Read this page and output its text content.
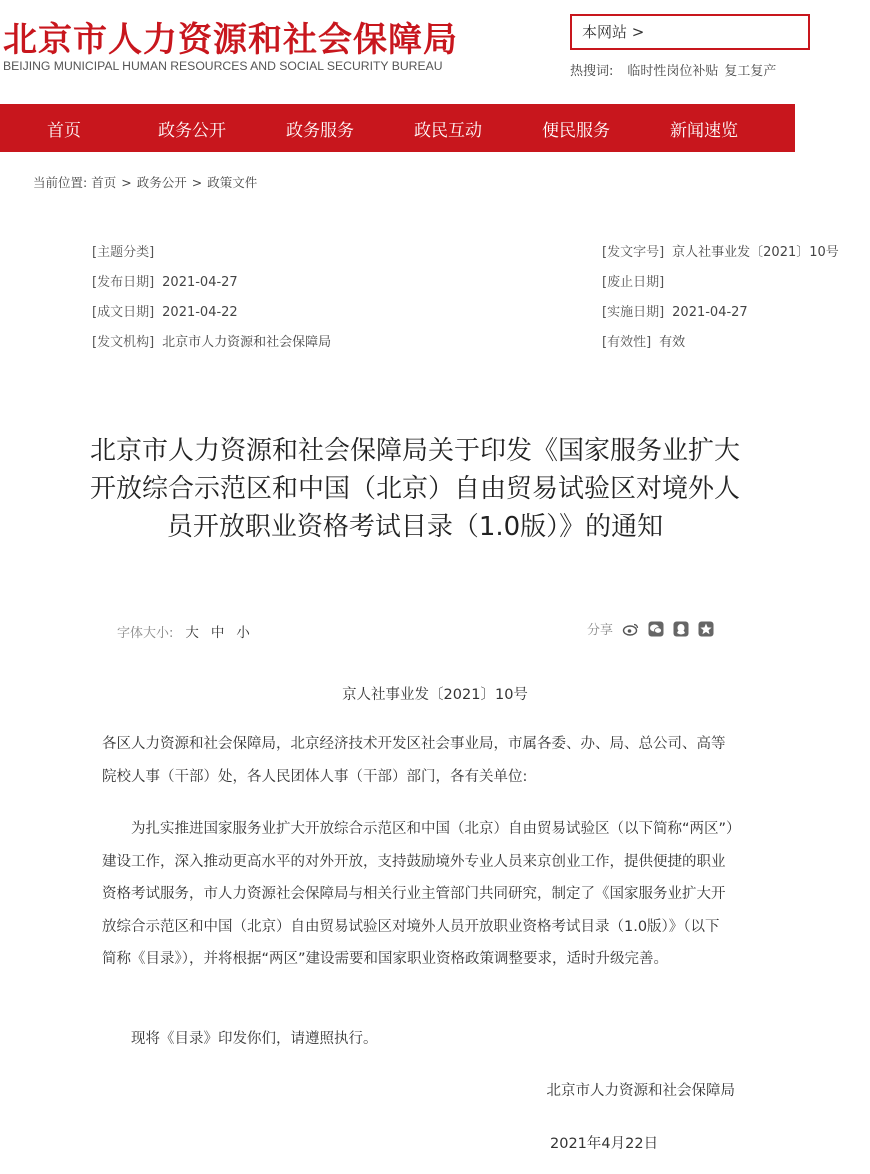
北京市人力资源和社会保障局
BEIJING MUNICIPAL HUMAN RESOURCES AND SOCIAL SECURITY BUREAU
本网站 >
热搜词: 临时性岗位补贴 复工复产
首页	政务公开	政务服务	政民互动	便民服务	新闻速览
当前位置: 首页 > 政务公开 > 政策文件
[主题分类]
[发布日期] 2021-04-27
[成文日期] 2021-04-22
[发文机构] 北京市人力资源和社会保障局
[发文字号] 京人社事业发〔2021〕10号
[废止日期]
[实施日期] 2021-04-27
[有效性] 有效
北京市人力资源和社会保障局关于印发《国家服务业扩大开放综合示范区和中国（北京）自由贸易试验区对境外人员开放职业资格考试目录（1.0版）》的通知
字体大小: 大 中 小	分享
京人社事业发〔2021〕10号

各区人力资源和社会保障局，北京经济技术开发区社会事业局，市属各委、办、局、总公司、高等院校人事（干部）处，各人民团体人事（干部）部门，各有关单位:

为扎实推进国家服务业扩大开放综合示范区和中国（北京）自由贸易试验区（以下简称“两区”）建设工作，深入推动更高水平的对外开放，支持鼓励境外专业人员来京创业工作，提供便捷的职业资格考试服务，市人力资源社会保障局与相关行业主管部门共同研究，制定了《国家服务业扩大开放综合示范区和中国（北京）自由贸易试验区对境外人员开放职业资格考试目录（1.0版）》（以下简称《目录》），并将根据“两区”建设需要和国家职业资格政策调整要求，适时升级完善。

现将《目录》印发你们，请遵照执行。

北京市人力资源和社会保障局
2021年4月22日
